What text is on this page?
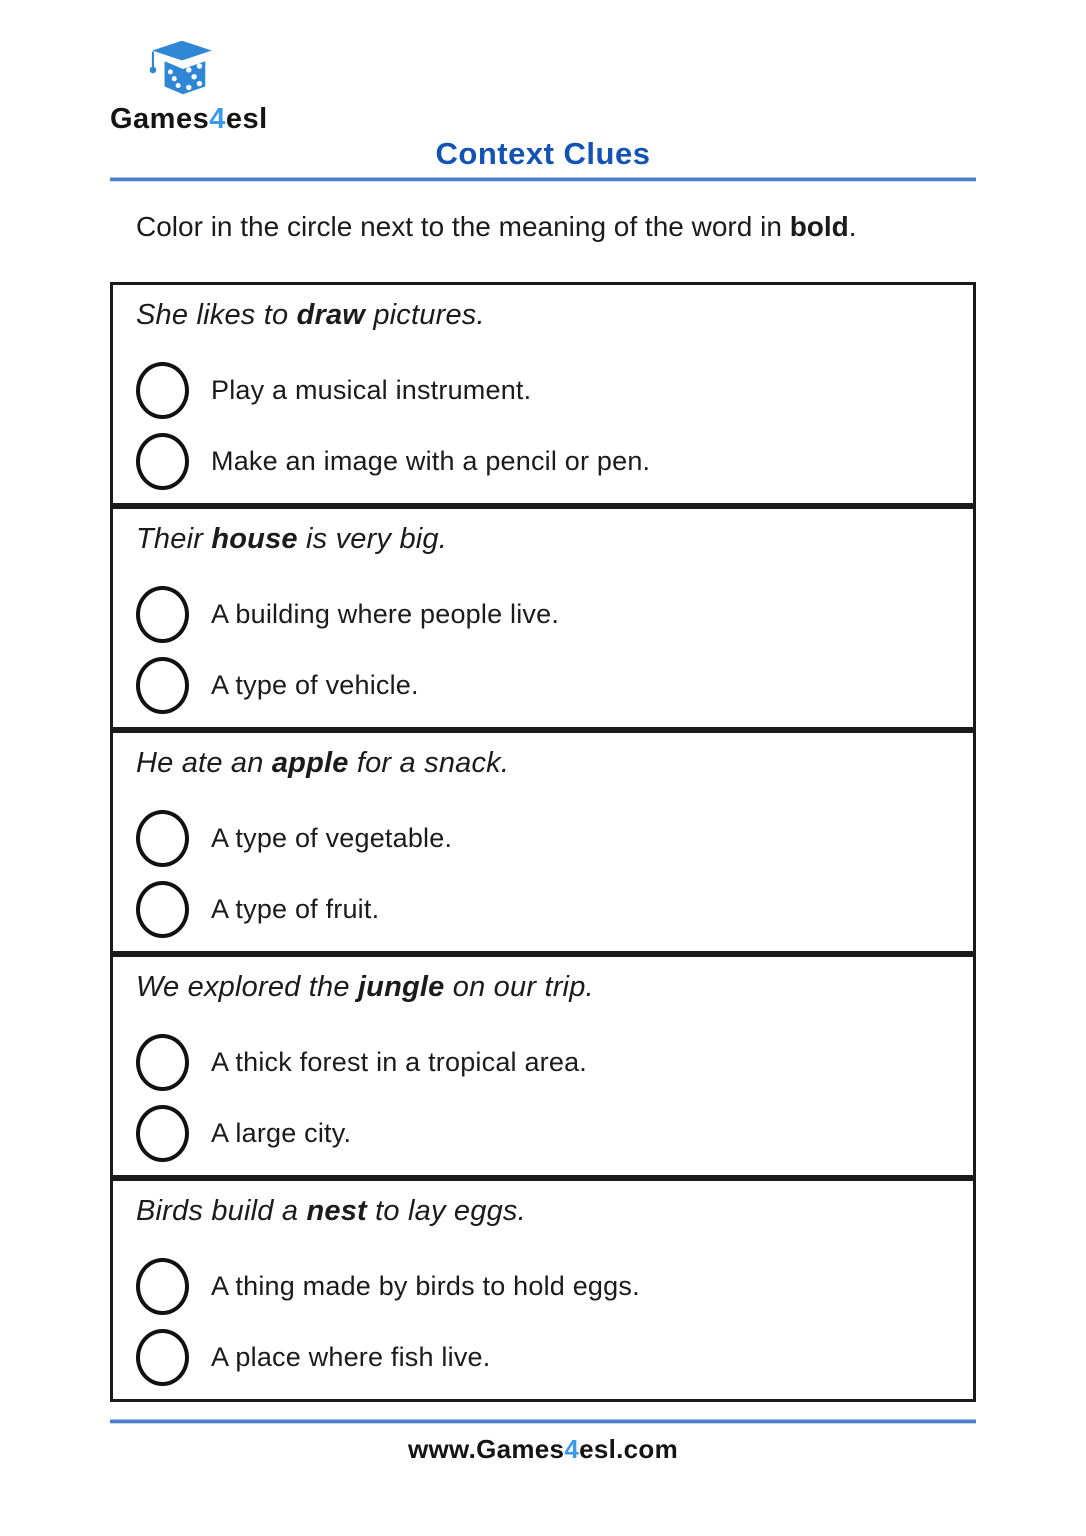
Games4esl
Context Clues

Color in the circle next to the meaning of the word in bold.

She likes to draw pictures.

Play a musical instrument.
Make an image with a pencil or pen.

Their house is very big.

A building where people live.
A type of vehicle.

He ate an apple for a snack.

A type of vegetable.
A type of fruit.

We explored the jungle on our trip.

A thick forest in a tropical area.
A large city.

Birds build a nest to lay eggs.

A thing made by birds to hold eggs.
A place where fish live.
www.Games4esl.com
